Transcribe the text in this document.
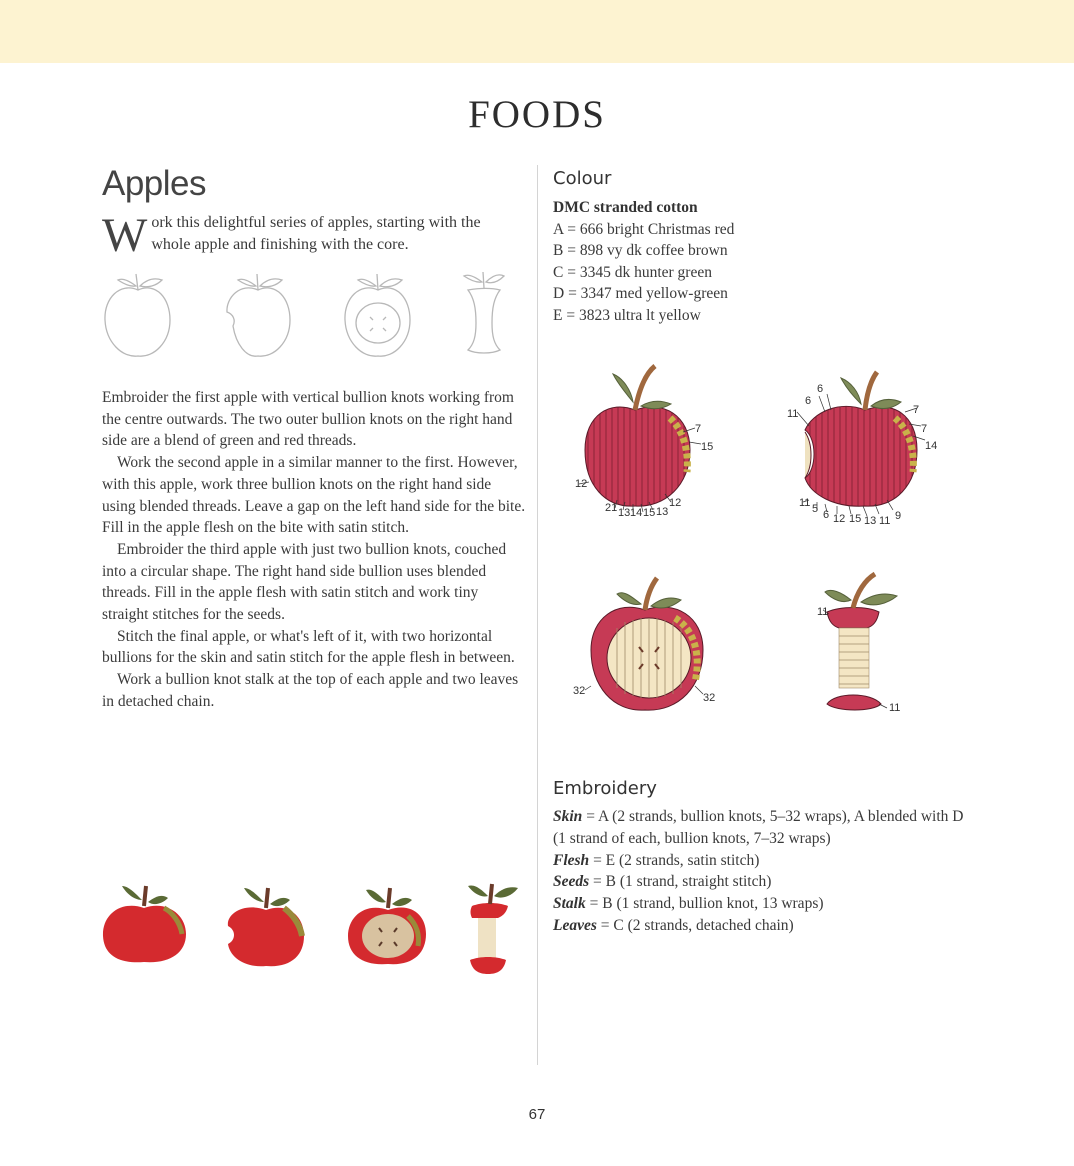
FOODS
Apples
Work this delightful series of apples, starting with the whole apple and finishing with the core.

Embroider the first apple with vertical bullion knots working from the centre outwards. The two outer bullion knots on the right hand side are a blend of green and red threads.

Work the second apple in a similar manner to the first. However, with this apple, work three bullion knots on the right hand side using blended threads. Leave a gap on the left hand side for the bite. Fill in the apple flesh on the bite with satin stitch.

Embroider the third apple with just two bullion knots, couched into a circular shape. The right hand side bullion uses blended threads. Fill in the apple flesh with satin stitch and work tiny straight stitches for the seeds.

Stitch the final apple, or what's left of it, with two horizontal bullions for the skin and satin stitch for the apple flesh in between.

Work a bullion knot stalk at the top of each apple and two leaves in detached chain.

Colour
DMC stranded cotton
A = 666 bright Christmas red
B = 898 vy dk coffee brown
C = 3345 dk hunter green
D = 3347 med yellow-green
E = 3823 ultra lt yellow
7
15
12
21 13 14 15 13
12
6
6
11	7
7
14
11 5 6 12 15 13 11 9
32
32
11
11
Embroidery
Skin = A (2 strands, bullion knots, 5–32 wraps), A blended with D (1 strand of each, bullion knots, 7–32 wraps)
Flesh = E (2 strands, satin stitch)
Seeds = B (1 strand, straight stitch)
Stalk = B (1 strand, bullion knot, 13 wraps)
Leaves = C (2 strands, detached chain)
67
